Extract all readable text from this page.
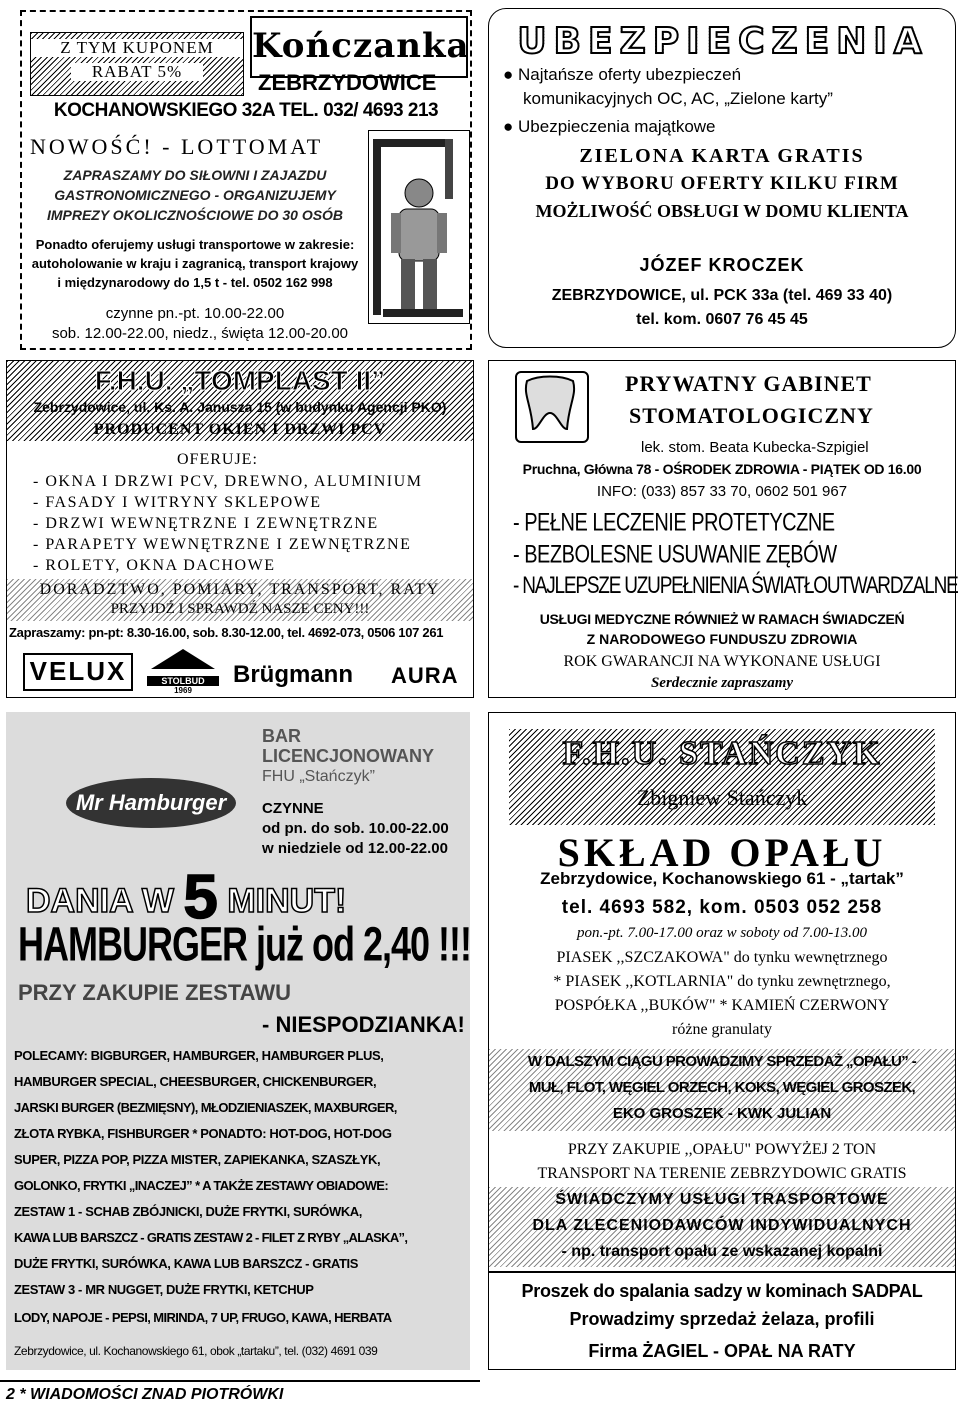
Z TYM KUPONEM
RABAT 5%
Kończanka
ZEBRZYDOWICE
KOCHANOWSKIEGO 32A TEL. 032/ 4693 213
NOWOŚĆ! - LOTTOMAT
ZAPRASZAMY DO SIŁOWNI I ZAJAZDU
GASTRONOMICZNEGO - ORGANIZUJEMY
IMPREZY OKOLICZNOŚCIOWE DO 30 OSÓB
Ponadto oferujemy usługi transportowe w zakresie:
autoholowanie w kraju i zagranicą, transport krajowy
i międzynarodowy do 1,5 t - tel. 0502 162 998
czynne pn.-pt. 10.00-22.00
sob. 12.00-22.00, niedz., święta 12.00-20.00
F.H.U. „TOMPLAST II”
Zebrzydowice, ul. Ks. A. Janusza 15 (w budynku Agencji PKO)
PRODUCENT OKIEN I DRZWI PCV
OFERUJE:
- OKNA I DRZWI PCV, DREWNO, ALUMINIUM
- FASADY I WITRYNY SKLEPOWE
- DRZWI WEWNĘTRZNE I ZEWNĘTRZNE
- PARAPETY WEWNĘTRZNE I ZEWNĘTRZNE
- ROLETY, OKNA DACHOWE
DORADZTWO, POMIARY, TRANSPORT, RATY
PRZYJDŹ I SPRAWDŹ NASZE CENY!!!
Zapraszamy: pn-pt: 8.30-16.00, sob. 8.30-12.00, tel. 4692-073, 0506 107 261
VELUX	STOLBUD
1969
Brügmann AURA
UBEZPIECZENIA
● Najtańsze oferty ubezpieczeń
komunikacyjnych OC, AC, „Zielone karty”
● Ubezpieczenia majątkowe
ZIELONA KARTA GRATIS
DO WYBORU OFERTY KILKU FIRM
MOŻLIWOŚĆ OBSŁUGI W DOMU KLIENTA
JÓZEF KROCZEK
ZEBRZYDOWICE, ul. PCK 33a (tel. 469 33 40)
tel. kom. 0607 76 45 45
PRYWATNY GABINET
STOMATOLOGICZNY
lek. stom. Beata Kubecka-Szpigiel
Pruchna, Główna 78 - OŚRODEK ZDROWIA - PIĄTEK OD 16.00
INFO: (033) 857 33 70, 0602 501 967
- PEŁNE LECZENIE PROTETYCZNE
- BEZBOLESNE USUWANIE ZĘBÓW
- NAJLEPSZE UZUPEŁNIENIA ŚWIATŁOUTWARDZALNE
USŁUGI MEDYCZNE RÓWNIEŻ W RAMACH ŚWIADCZEŃ
Z NARODOWEGO FUNDUSZU ZDROWIA
ROK GWARANCJI NA WYKONANE USŁUGI
Serdecznie zapraszamy
BAR
LICENCJONOWANY
FHU „Stańczyk”
Mr Hamburger	CZYNNE
od pn. do sob. 10.00-22.00
w niedziele od 12.00-22.00
DANIA W 5 MINUT!
HAMBURGER już od 2,40 !!!
PRZY ZAKUPIE ZESTAWU
- NIESPODZIANKA!
POLECAMY: BIGBURGER, HAMBURGER, HAMBURGER PLUS,
HAMBURGER SPECIAL, CHEESBURGER, CHICKENBURGER,
JARSKI BURGER (BEZMIĘSNY), MŁODZIENIASZEK, MAXBURGER,
ZŁOTA RYBKA, FISHBURGER * PONADTO: HOT-DOG, HOT-DOG
SUPER, PIZZA POP, PIZZA MISTER, ZAPIEKANKA, SZASZŁYK,
GOLONKO, FRYTKI „INACZEJ” * A TAKŻE ZESTAWY OBIADOWE:
ZESTAW 1 - SCHAB ZBÓJNICKI, DUŻE FRYTKI, SURÓWKA,
KAWA LUB BARSZCZ - GRATIS ZESTAW 2 - FILET Z RYBY „ALASKA”,
DUŻE FRYTKI, SURÓWKA, KAWA LUB BARSZCZ - GRATIS
ZESTAW 3 - MR NUGGET, DUŻE FRYTKI, KETCHUP
LODY, NAPOJE - PEPSI, MIRINDA, 7 UP, FRUGO, KAWA, HERBATA
Zebrzydowice, ul. Kochanowskiego 61, obok „tartaku”, tel. (032) 4691 039
F.H.U. STAŃCZYK
Zbigniew Stańczyk
SKŁAD OPAŁU
Zebrzydowice, Kochanowskiego 61 - „tartak”
tel. 4693 582, kom. 0503 052 258
pon.-pt. 7.00-17.00 oraz w soboty od 7.00-13.00
PIASEK ,,SZCZAKOWA" do tynku wewnętrznego
* PIASEK ,,KOTLARNIA" do tynku zewnętrznego,
POSPÓŁKA ,,BUKÓW" * KAMIEŃ CZERWONY
różne granulaty
W DALSZYM CIĄGU PROWADZIMY SPRZEDAŻ „OPAŁU” -
MUŁ, FLOT, WĘGIEL ORZECH, KOKS, WĘGIEL GROSZEK,
EKO GROSZEK - KWK JULIAN
PRZY ZAKUPIE ,,OPAŁU" POWYŻEJ 2 TON
TRANSPORT NA TERENIE ZEBRZYDOWIC GRATIS
ŚWIADCZYMY USŁUGI TRASPORTOWE
DLA ZLECENIODAWCÓW INDYWIDUALNYCH
- np. transport opału ze wskazanej kopalni
Proszek do spalania sadzy w kominach SADPAL
Prowadzimy sprzedaż żelaza, profili
Firma ŻAGIEL - OPAŁ NA RATY
2 * WIADOMOŚCI ZNAD PIOTRÓWKI
